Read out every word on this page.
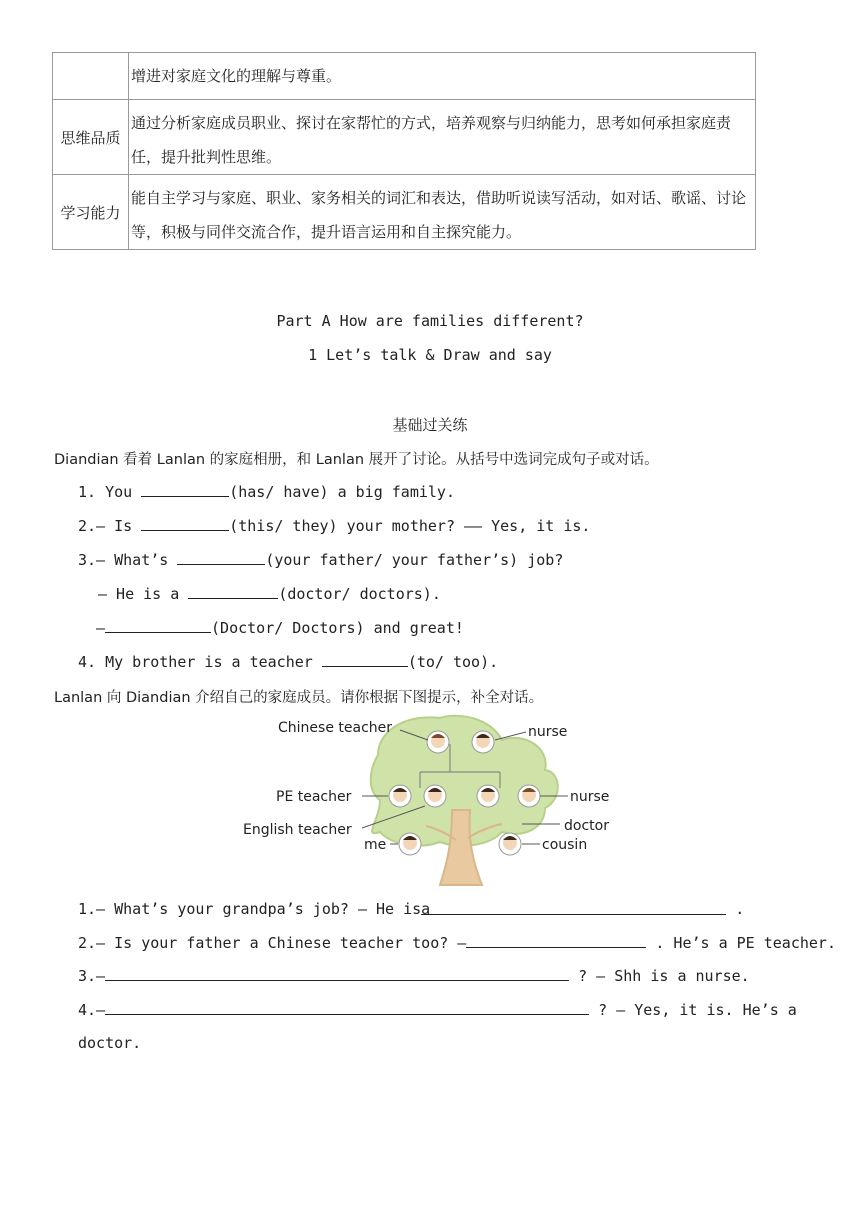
	增进对家庭文化的理解与尊重。
思维品质	通过分析家庭成员职业、探讨在家帮忙的方式，培养观察与归纳能力，思考如何承担家庭责任，提升批判性思维。
学习能力	能自主学习与家庭、职业、家务相关的词汇和表达，借助听说读写活动，如对话、歌谣、讨论等，积极与同伴交流合作，提升语言运用和自主探究能力。
Part A How are families different?
1 Let’s talk & Draw and say
基础过关练
Diandian 看着 Lanlan 的家庭相册，和 Lanlan 展开了讨论。从括号中选词完成句子或对话。
1. You	(has/ have) a big family.
2.— Is	(this/ they) your mother? —— Yes, it is.
3.— What’s	(your father/ your father’s) job?
— He is a	(doctor/ doctors).
—	(Doctor/ Doctors) and great!
4. My brother is a teacher	(to/ too).
Lanlan 向 Diandian 介绍自己的家庭成员。请你根据下图提示，补全对话。
Chinese teacher	nurse
PE teacher	nurse
English teacher	doctor
me	cousin
1.— What’s your grandpa’s job? — He isa	.
2.— Is your father a Chinese teacher too? —	. He’s a PE teacher.
3.—	? — Shh is a nurse.
4.—	? — Yes, it is. He’s a
doctor.
